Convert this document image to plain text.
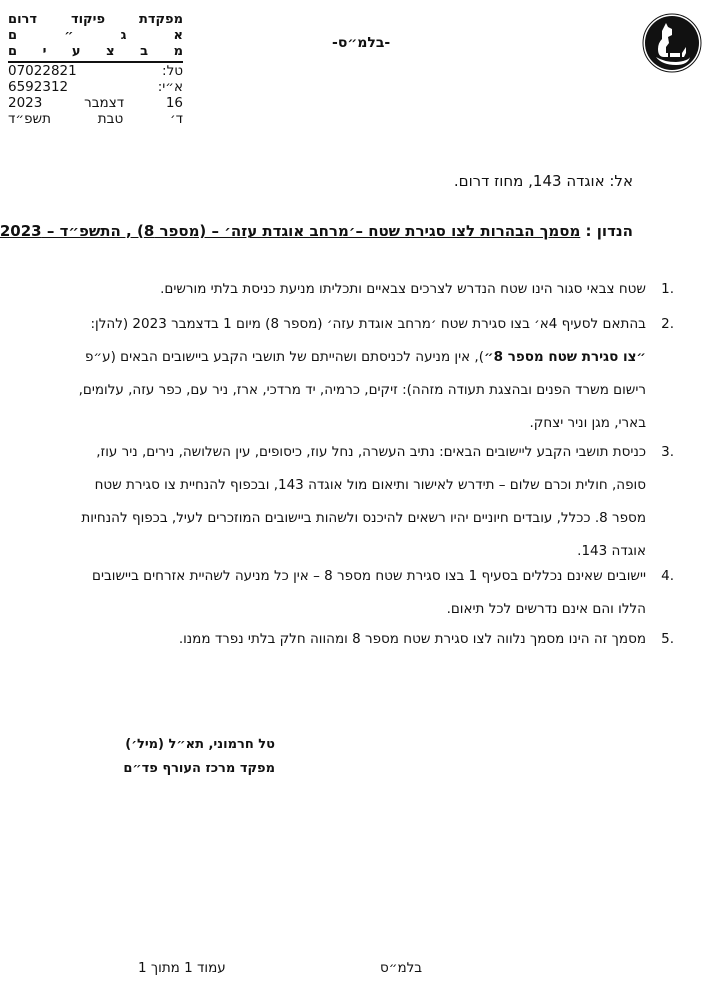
מפקדת
פיקוד
דרום
א
ג
״
ם
מ
ב
צ
ע
י
ם
טל:
07022821
א״י:
6592312
16
דצמבר
2023
ד׳
טבת
תשפ״ד
-בלמ״ס-
אל: אוגדה 143, מחוז דרום.
הנדון : מסמך הבהרות לצו סגירת שטח –׳מרחב אוגדת עזה׳ – (מספר 8) , התשפ״ד – 2023
1.
שטח צבאי סגור הינו שטח הנדרש לצרכים צבאיים ותכליתו מניעת כניסת בלתי מורשים.
2.
בהתאם לסעיף 4א׳ בצו סגירת שטח ׳מרחב אוגדת עזה׳ (מספר 8) מיום 1 בדצמבר 2023 (להלן: ״צו סגירת שטח מספר 8״), אין מניעה לכניסתם ושהייתם של תושבי הקבע ביישובים הבאים (ע״פ רישום משרד הפנים ובהצגת תעודה מזהה): זיקים, כרמיה, יד מרדכי, ארז, ניר עם, כפר עזה, עלומים, בארי, מגן וניר יצחק.
3.
כניסת תושבי הקבע ליישובים הבאים: נתיב העשרה, נחל עוז, כיסופים, עין השלושה, נירים, ניר עוז, סופה, חולית וכרם שלום – תידרש לאישור ותיאום מול אוגדה 143, ובכפוף להנחיית צו סגירת שטח מספר 8. ככלל, עובדים חיוניים יהיו רשאים להיכנס ולשהות ביישובים המוזכרים לעיל, בכפוף להנחיות אוגדה 143.
4.
יישובים שאינם נכללים בסעיף 1 בצו סגירת שטח מספר 8 – אין כל מניעה לשהיית אזרחים ביישובים הללו והם אינם נדרשים לכל תיאום.
5.
מסמך זה הינו מסמך נלווה לצו סגירת שטח מספר 8 ומהווה חלק בלתי נפרד ממנו.
טל חרמוני, תא״ל (מיל׳)
מפקד מרכז העורף פד״ם
בלמ״ס
עמוד 1 מתוך 1
